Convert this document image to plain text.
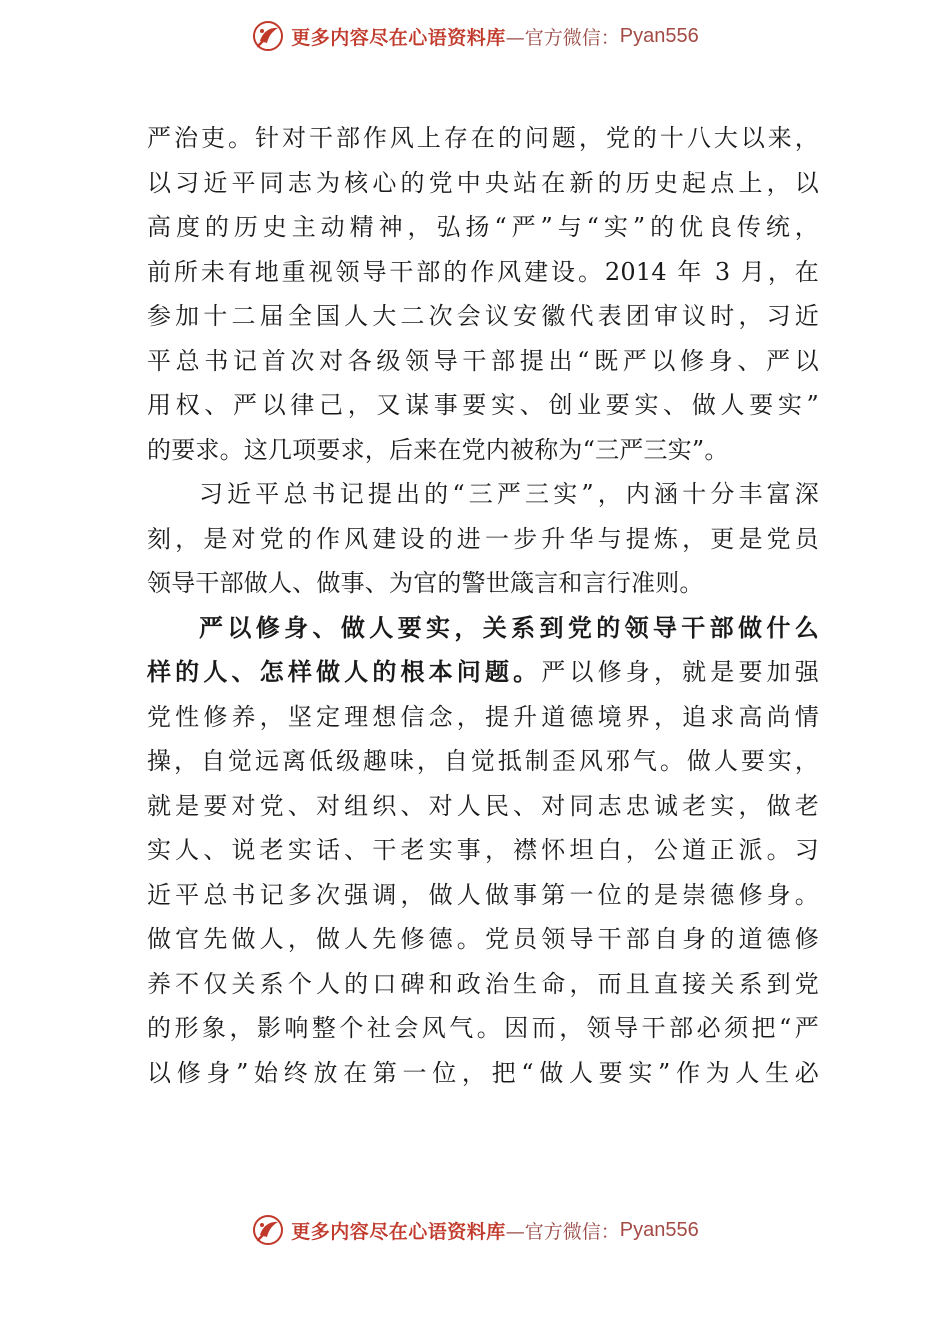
更多内容尽在心语资料库 —官方微信： Pyan556
严治吏。针对干部作风上存在的问题，党的十八大以来，
以习近平同志为核心的党中央站在新的历史起点上，以
高度的历史主动精神，弘扬“严”与“实”的优良传统，
前所未有地重视领导干部的作风建设。2014 年 3 月，在
参加十二届全国人大二次会议安徽代表团审议时，习近
平总书记首次对各级领导干部提出“既严以修身、严以
用权、严以律己，又谋事要实、创业要实、做人要实”
的要求。这几项要求，后来在党内被称为“三严三实”。
习近平总书记提出的“三严三实”，内涵十分丰富深
刻，是对党的作风建设的进一步升华与提炼，更是党员
领导干部做人、做事、为官的警世箴言和言行准则。
严以修身、做人要实，关系到党的领导干部做什么
样的人、怎样做人的根本问题。严以修身，就是要加强
党性修养，坚定理想信念，提升道德境界，追求高尚情
操，自觉远离低级趣味，自觉抵制歪风邪气。做人要实，
就是要对党、对组织、对人民、对同志忠诚老实，做老
实人、说老实话、干老实事，襟怀坦白，公道正派。习
近平总书记多次强调，做人做事第一位的是崇德修身。
做官先做人，做人先修德。党员领导干部自身的道德修
养不仅关系个人的口碑和政治生命，而且直接关系到党
的形象，影响整个社会风气。因而，领导干部必须把“严
以修身”始终放在第一位，把“做人要实”作为人生必
更多内容尽在心语资料库 —官方微信： Pyan556
